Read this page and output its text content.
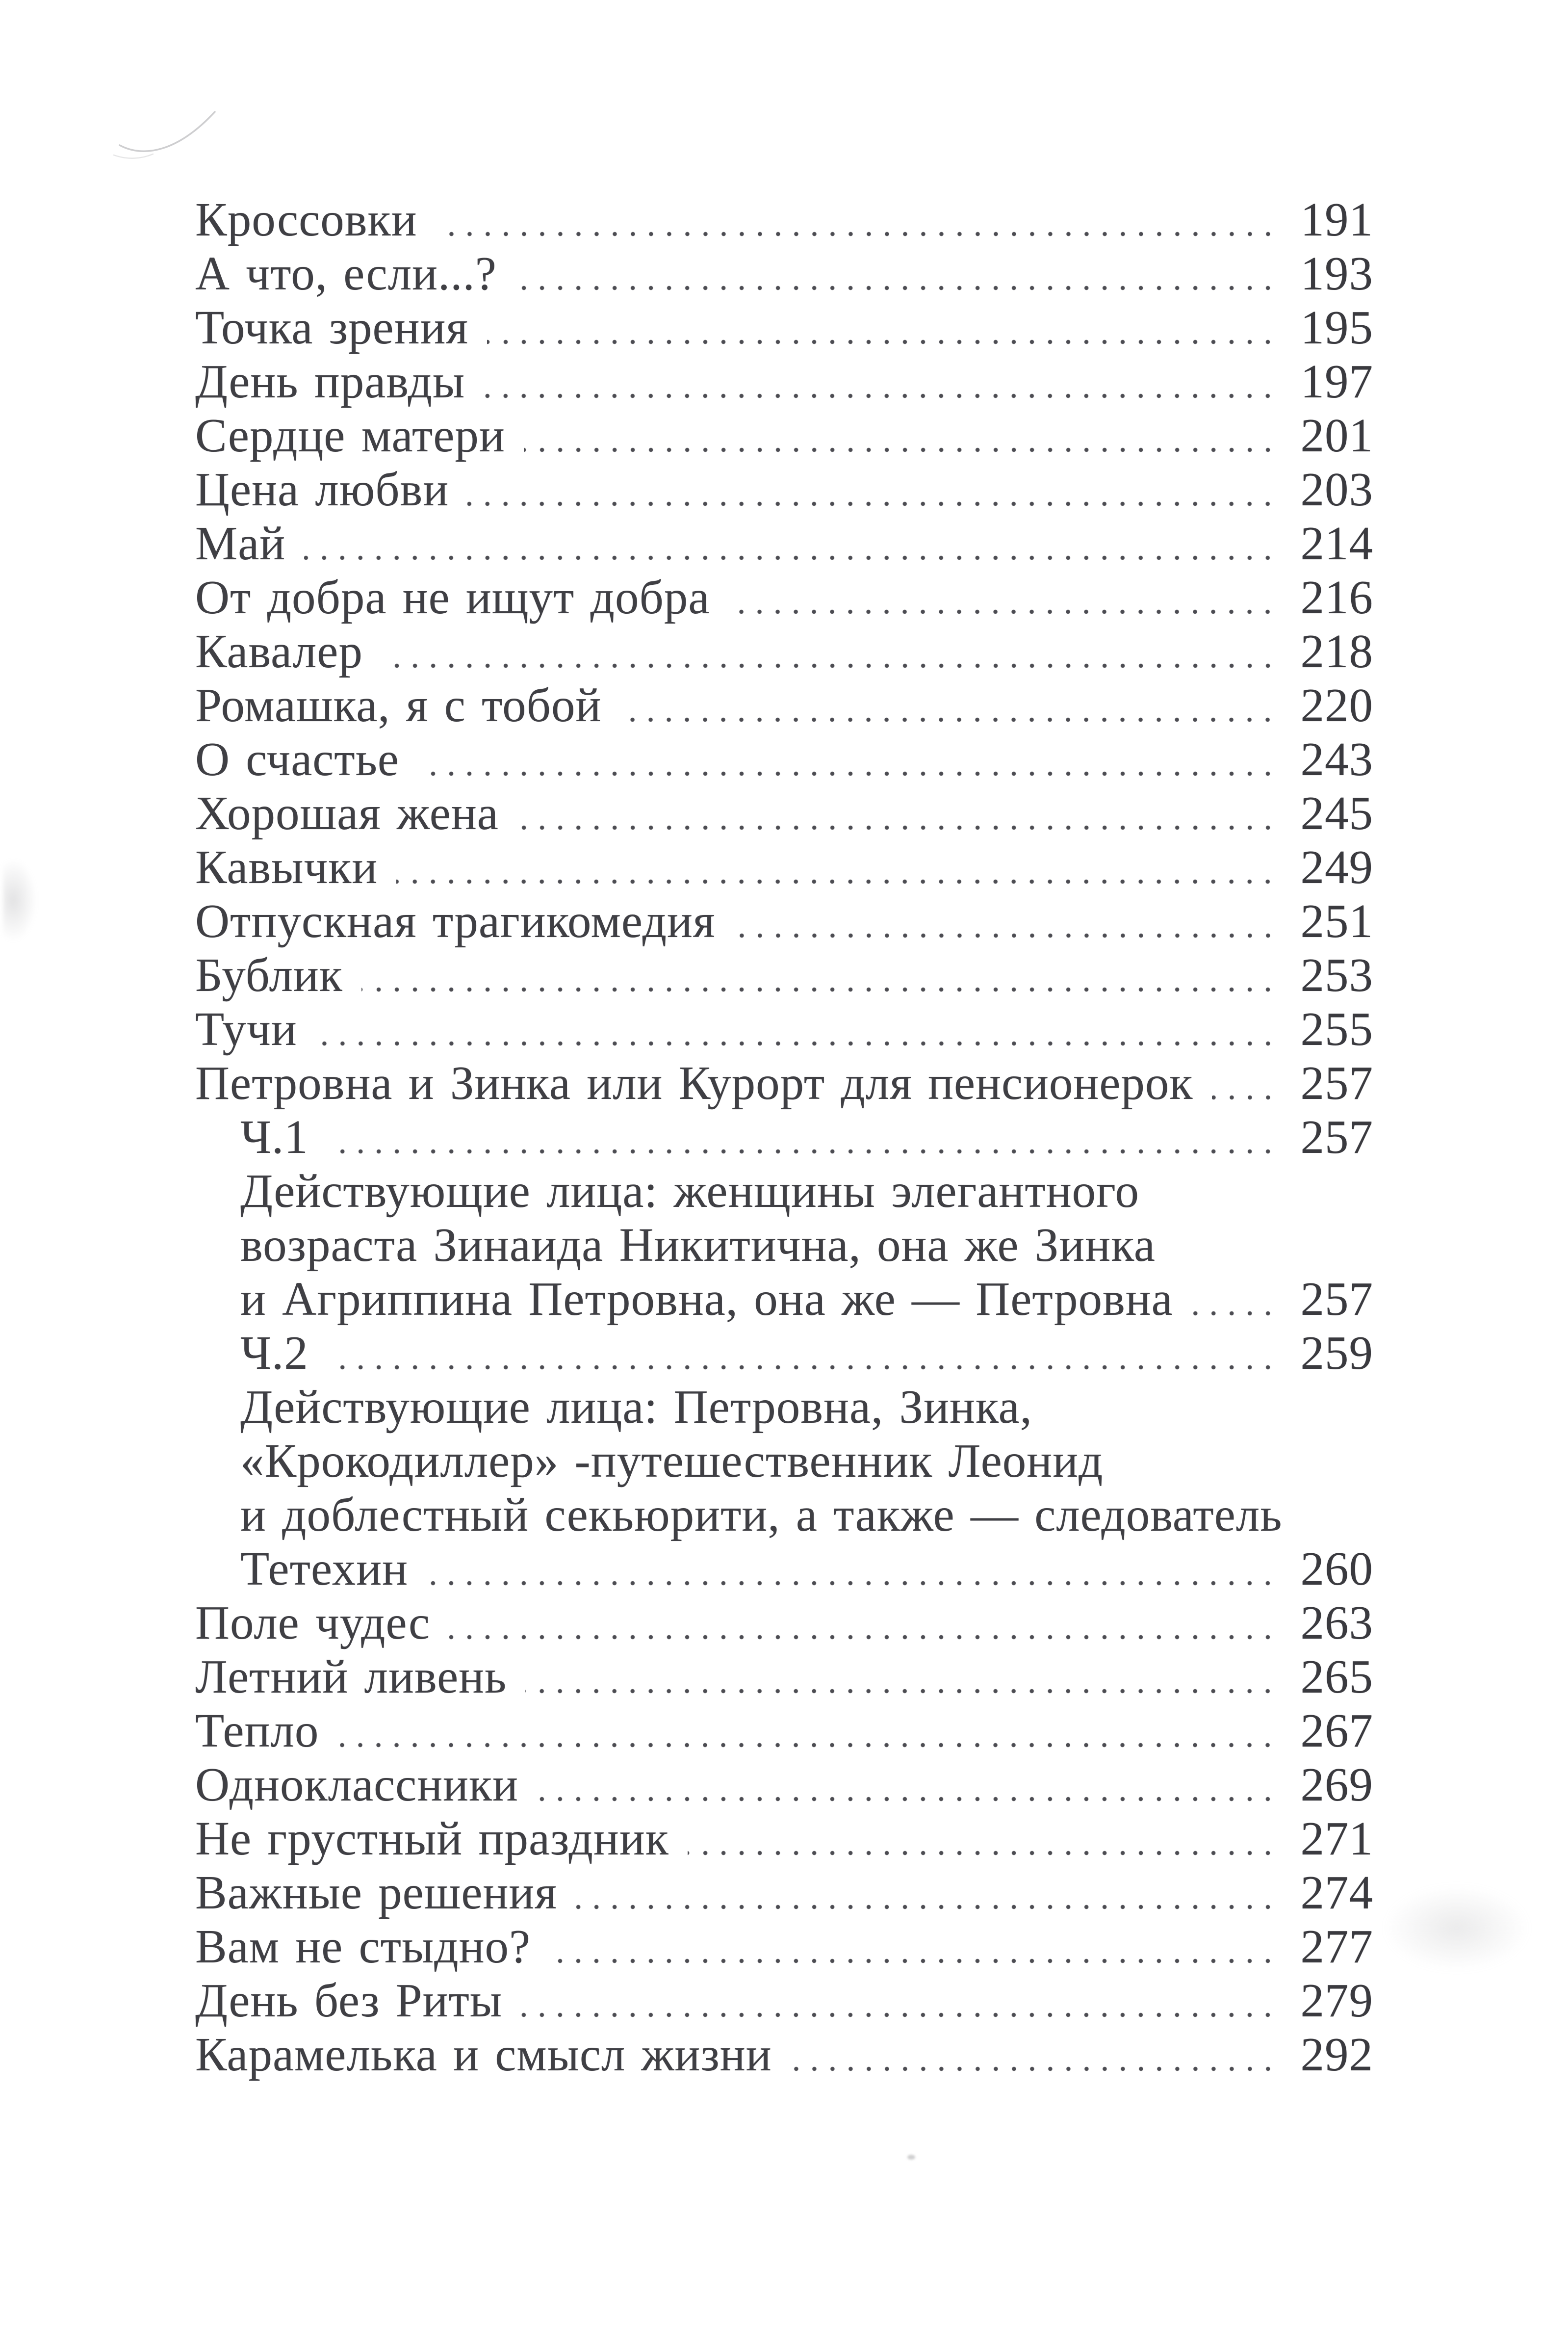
Кроссовки	191
А что, если...?	193
Точка зрения	195
День правды	197
Сердце матери	201
Цена любви	203
Май	214
От добра не ищут добра	216
Кавалер	218
Ромашка, я с тобой	220
О счастье	243
Хорошая жена	245
Кавычки	249
Отпускная трагикомедия	251
Бублик	253
Тучи	255
Петровна и Зинка или Курорт для пенсионерок 257
Ч.1	257
Действующие лица: женщины элегантного
возраста Зинаида Никитична, она же Зинка
и Агриппина Петровна, она же — Петровна	257
Ч.2	259
Действующие лица: Петровна, Зинка,
«Крокодиллер» -путешественник Леонид
и доблестный секьюрити, а также — следователь
Тетехин	260
Поле чудес	263
Летний ливень	265
Тепло	267
Одноклассники	269
Не грустный праздник	271
Важные решения	274
Вам не стыдно?	277
День без Риты	279
Карамелька и смысл жизни	292
